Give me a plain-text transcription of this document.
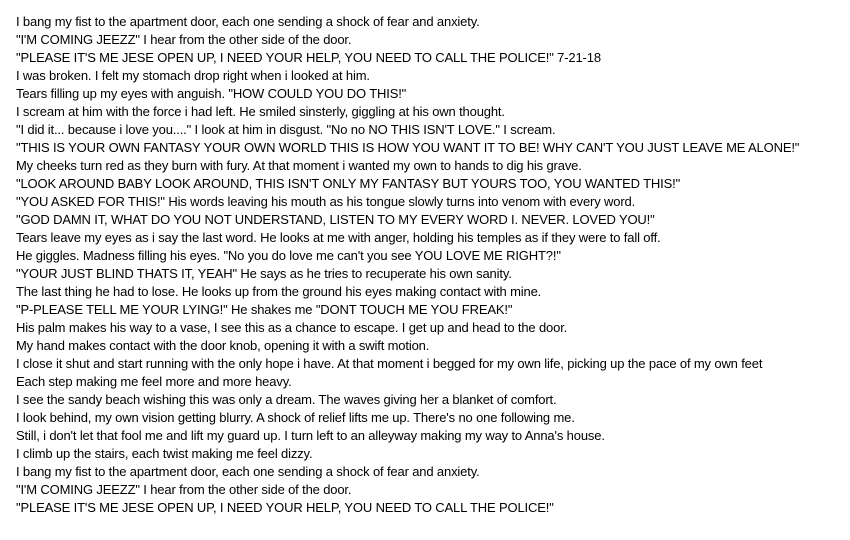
I bang my fist to the apartment door, each one sending a shock of fear and anxiety.
"I'M COMING JEEZZ" I hear from the other side of the door.
"PLEASE IT'S ME JESE OPEN UP, I NEED YOUR HELP, YOU NEED TO CALL THE POLICE!" 7-21-18
I was broken. I felt my stomach drop right when i looked at him.
Tears filling up my eyes with anguish. "HOW COULD YOU DO THIS!"
I scream at him with the force i had left. He smiled sinsterly, giggling at his own thought.
"I did it... because i love you...." I look at him in disgust. "No no NO THIS ISN'T LOVE." I scream.
"THIS IS YOUR OWN FANTASY YOUR OWN WORLD THIS IS HOW YOU WANT IT TO BE! WHY CAN'T YOU JUST LEAVE ME ALONE!"
My cheeks turn red as they burn with fury. At that moment i wanted my own to hands to dig his grave.
"LOOK AROUND BABY LOOK AROUND, THIS ISN'T ONLY MY FANTASY BUT YOURS TOO, YOU WANTED THIS!"
"YOU ASKED FOR THIS!" His words leaving his mouth as his tongue slowly turns into venom with every word.
"GOD DAMN IT, WHAT DO YOU NOT UNDERSTAND, LISTEN TO MY EVERY WORD I. NEVER. LOVED YOU!"
Tears leave my eyes as i say the last word. He looks at me with anger, holding his temples as if they were to fall off.
He giggles. Madness filling his eyes. "No you do love me can't you see YOU LOVE ME RIGHT?!"
"YOUR JUST BLIND THATS IT, YEAH" He says as he tries to recuperate his own sanity.
The last thing he had to lose. He looks up from the ground his eyes making contact with mine.
"P-PLEASE TELL ME YOUR LYING!" He shakes me "DONT TOUCH ME YOU FREAK!"
His palm makes his way to a vase, I see this as a chance to escape. I get up and head to the door.
My hand makes contact with the door knob, opening it with a swift motion.
I close it shut and start running with the only hope i have. At that moment i begged for my own life, picking up the pace of my own feet
Each step making me feel more and more heavy.
I see the sandy beach wishing this was only a dream. The waves giving her a blanket of comfort.
I look behind, my own vision getting blurry. A shock of relief lifts me up. There's no one following me.
Still, i don't let that fool me and lift my guard up. I turn left to an alleyway making my way to Anna's house.
I climb up the stairs, each twist making me feel dizzy.
I bang my fist to the apartment door, each one sending a shock of fear and anxiety.
"I'M COMING JEEZZ" I hear from the other side of the door.
"PLEASE IT'S ME JESE OPEN UP, I NEED YOUR HELP, YOU NEED TO CALL THE POLICE!"
